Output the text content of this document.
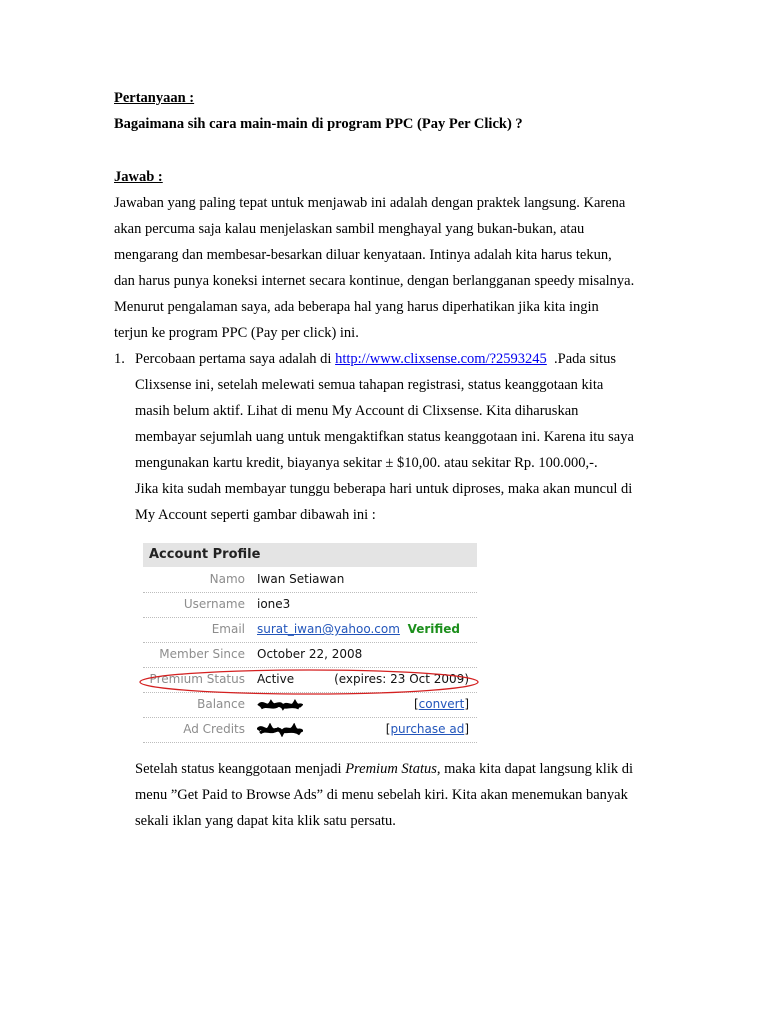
Pertanyaan :
Bagaimana sih cara main-main di program PPC (Pay Per Click) ?
Jawab :
Jawaban yang paling tepat untuk menjawab ini adalah dengan praktek langsung. Karena
akan percuma saja kalau menjelaskan sambil menghayal yang bukan-bukan, atau
mengarang dan membesar-besarkan diluar kenyataan. Intinya adalah kita harus tekun,
dan harus punya koneksi internet secara kontinue, dengan berlangganan speedy misalnya.
Menurut pengalaman saya, ada beberapa hal yang harus diperhatikan jika kita ingin
terjun ke program PPC (Pay per click) ini.
1. Percobaan pertama saya adalah di http://www.clixsense.com/?2593245  .Pada situs
Clixsense ini, setelah melewati semua tahapan registrasi, status keanggotaan kita
masih belum aktif. Lihat di menu My Account di Clixsense. Kita diharuskan
membayar sejumlah uang untuk mengaktifkan status keanggotaan ini. Karena itu saya
mengunakan kartu kredit, biayanya sekitar ± $10,00. atau sekitar Rp. 100.000,-.
Jika kita sudah membayar tunggu beberapa hari untuk diproses, maka akan muncul di
My Account seperti gambar dibawah ini :
Account Profile
Namo Iwan Setiawan
Username ione3
Email surat_iwan@yahoo.com Verified
Member Since October 22, 2008
Premium Status Active	(expires: 23 Oct 2009)
Balance	[convert]
Ad Credits	[purchase ad]
Setelah status keanggotaan menjadi Premium Status, maka kita dapat langsung klik di
menu ”Get Paid to Browse Ads” di menu sebelah kiri. Kita akan menemukan banyak
sekali iklan yang dapat kita klik satu persatu.
